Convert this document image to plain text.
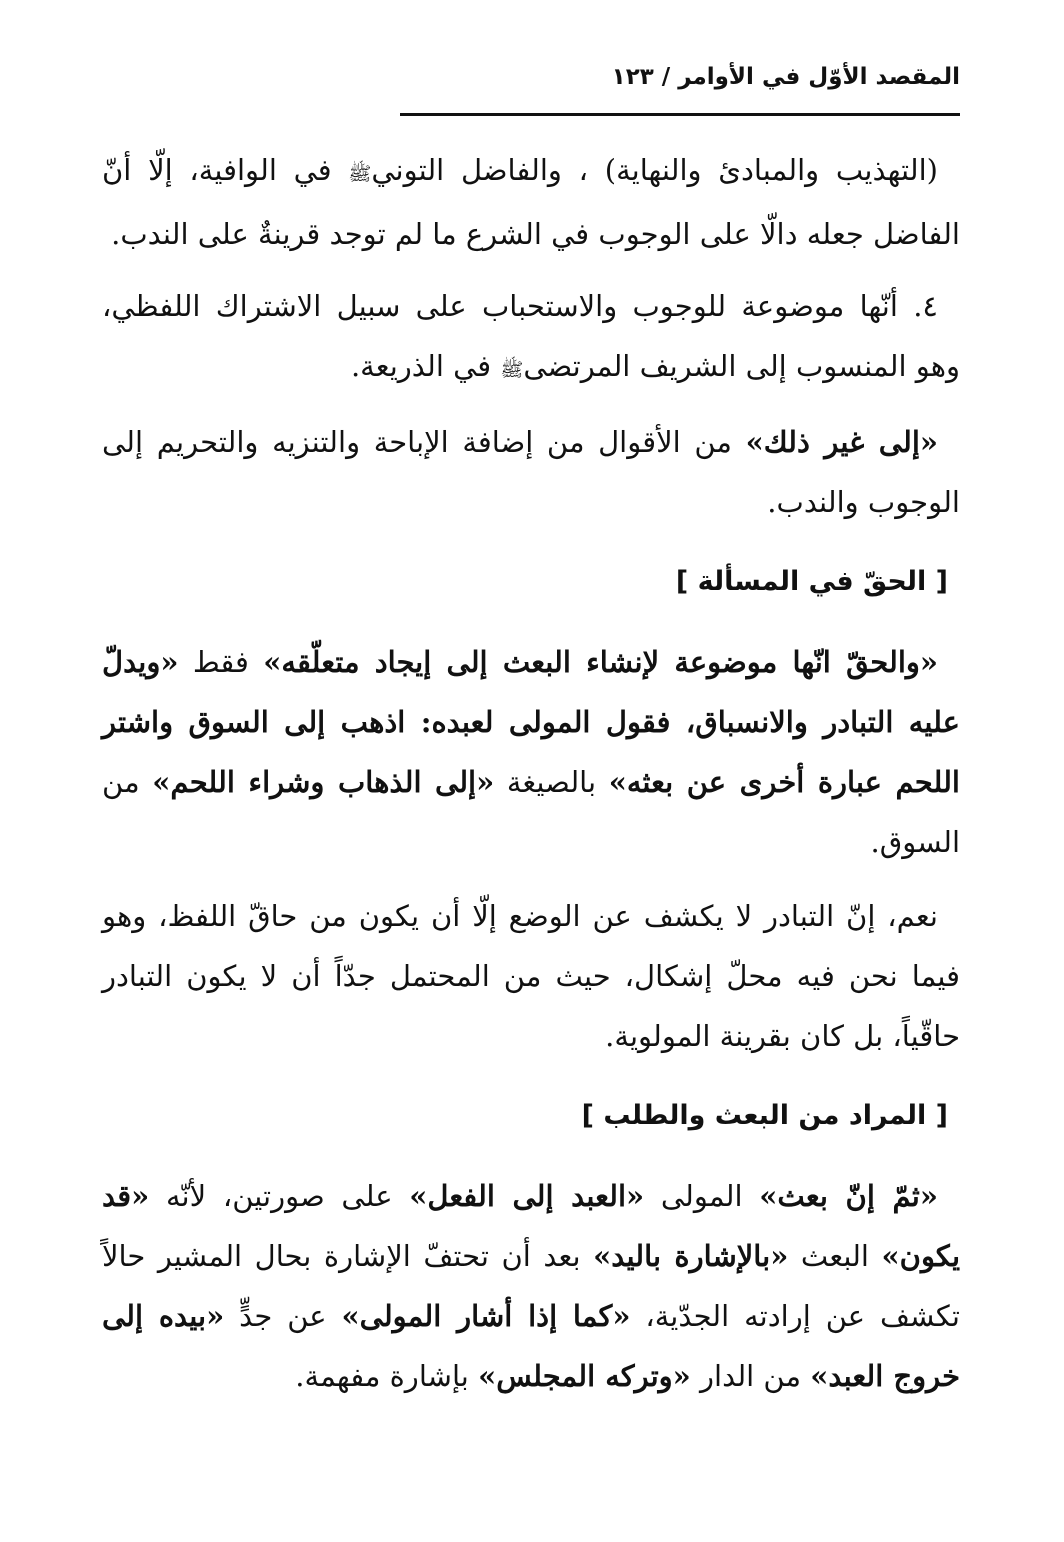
المقصد الأوّل في الأوامر / ١٢٣

(التهذيب والمبادئ والنهاية) ، والفاضل التونيﷺ في الوافية، إلّا أنّ الفاضل جعله دالّا على الوجوب في الشرع ما لم توجد قرينةٌ على الندب.

٤. أنّها موضوعة للوجوب والاستحباب على سبيل الاشتراك اللفظي، وهو المنسوب إلى الشريف المرتضىﷺ في الذريعة.

«إلى غير ذلك» من الأقوال من إضافة الإباحة والتنزيه والتحريم إلى الوجوب والندب.

[ الحقّ في المسألة ]

«والحقّ انّها موضوعة لإنشاء البعث إلى إيجاد متعلّقه» فقط «ويدلّ عليه التبادر والانسباق، فقول المولى لعبده: اذهب إلى السوق واشتر اللحم عبارة أخرى عن بعثه» بالصيغة «إلى الذهاب وشراء اللحم» من السوق.

نعم، إنّ التبادر لا يكشف عن الوضع إلّا أن يكون من حاقّ اللفظ، وهو فيما نحن فيه محلّ إشكال، حيث من المحتمل جدّاً أن لا يكون التبادر حاقّياً، بل كان بقرينة المولوية.

[ المراد من البعث والطلب ]

«ثمّ إنّ بعث» المولى «العبد إلى الفعل» على صورتين، لأنّه «قد يكون» البعث «بالإشارة باليد» بعد أن تحتفّ الإشارة بحال المشير حالاً تكشف عن إرادته الجدّية، «كما إذا أشار المولى» عن جدٍّ «بيده إلى خروج العبد» من الدار «وتركه المجلس» بإشارة مفهمة.
